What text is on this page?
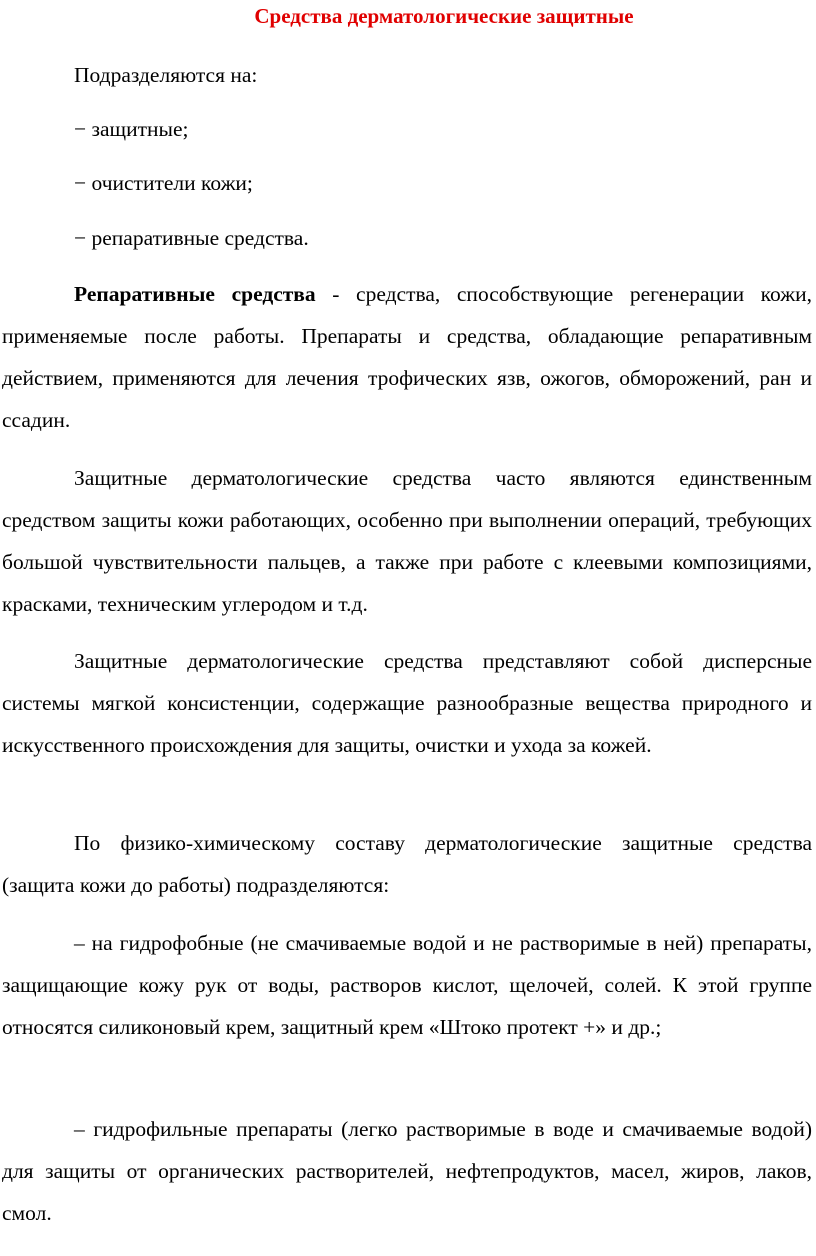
Средства дерматологические защитные

Подразделяются на:

− защитные;

− очистители кожи;

− репаративные средства.

Репаративные средства - средства, способствующие регенерации кожи, применяемые после работы. Препараты и средства, обладающие репаративным действием, применяются для лечения трофических язв, ожогов, обморожений, ран и ссадин.

Защитные дерматологические средства часто являются единственным средством защиты кожи работающих, особенно при выполнении операций, требующих большой чувствительности пальцев, а также при работе с клеевыми композициями, красками, техническим углеродом и т.д.

Защитные дерматологические средства представляют собой дисперсные системы мягкой консистенции, содержащие разнообразные вещества природного и искусственного происхождения для защиты, очистки и ухода за кожей.

По физико-химическому составу дерматологические защитные средства (защита кожи до работы) подразделяются:

– на гидрофобные (не смачиваемые водой и не растворимые в ней) препараты, защищающие кожу рук от воды, растворов кислот, щелочей, солей. К этой группе относятся силиконовый крем, защитный крем «Штоко протект +» и др.;

– гидрофильные препараты (легко растворимые в воде и смачиваемые водой) для защиты от органических растворителей, нефтепродуктов, масел, жиров, лаков, смол.
